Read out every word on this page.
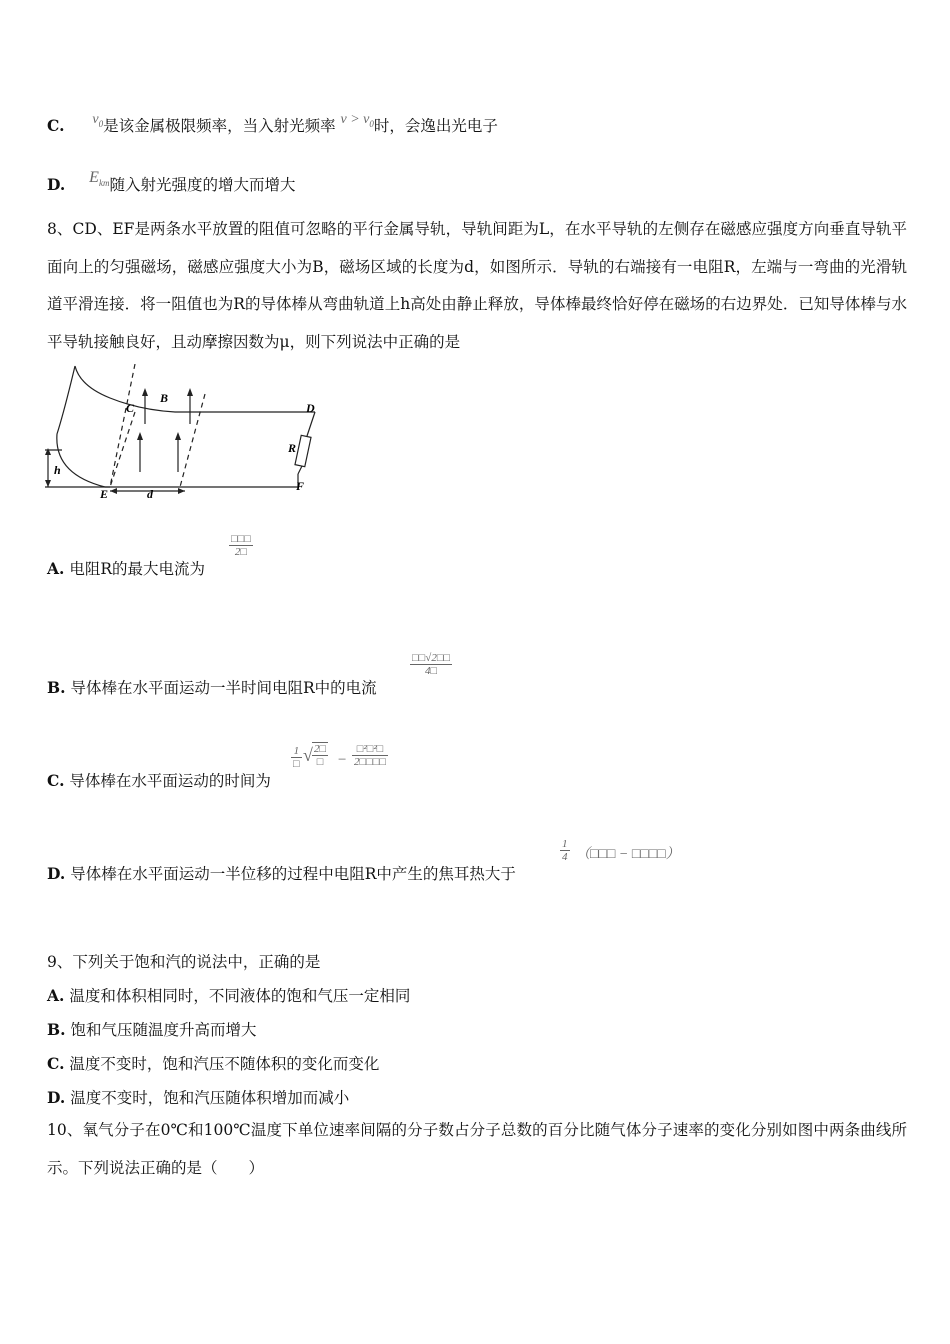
C. $\nu_0$是该金属极限频率，当入射光频率 $\nu > \nu_0$时，会逸出光电子
D. $E_{km}$随入射光强度的增大而增大
8、CD、EF是两条水平放置的阻值可忽略的平行金属导轨，导轨间距为L，在水平导轨的左侧存在磁感应强度方向垂直导轨平面向上的匀强磁场，磁感应强度大小为B，磁场区域的长度为d，如图所示．导轨的右端接有一电阻R，左端与一弯曲的光滑轨道平滑连接．将一阻值也为R的导体棒从弯曲轨道上h高处由静止释放，导体棒最终恰好停在磁场的右边界处．已知导体棒与水平导轨接触良好，且动摩擦因数为μ，则下列说法中正确的是
C
B
D
R
h
E	d
F
A. 电阻R的最大电流为
□□□
2□
B. 导体棒在水平面运动一半时间电阻R中的电流
$\frac{□□√2□□}{4□}$
C. 导体棒在水平面运动的时间为
1
□ √ 2□
□ −
□²□²□
2□□□□
D. 导体棒在水平面运动一半位移的过程中电阻R中产生的焦耳热大于
$\frac{1}{4}$ （□□□ − □□□□）
9、下列关于饱和汽的说法中，正确的是
A. 温度和体积相同时，不同液体的饱和气压一定相同
B. 饱和气压随温度升高而增大
C. 温度不变时，饱和汽压不随体积的变化而变化
D. 温度不变时，饱和汽压随体积增加而减小
10、氧气分子在0℃和100℃温度下单位速率间隔的分子数占分子总数的百分比随气体分子速率的变化分别如图中两条曲线所示。下列说法正确的是（　　）
